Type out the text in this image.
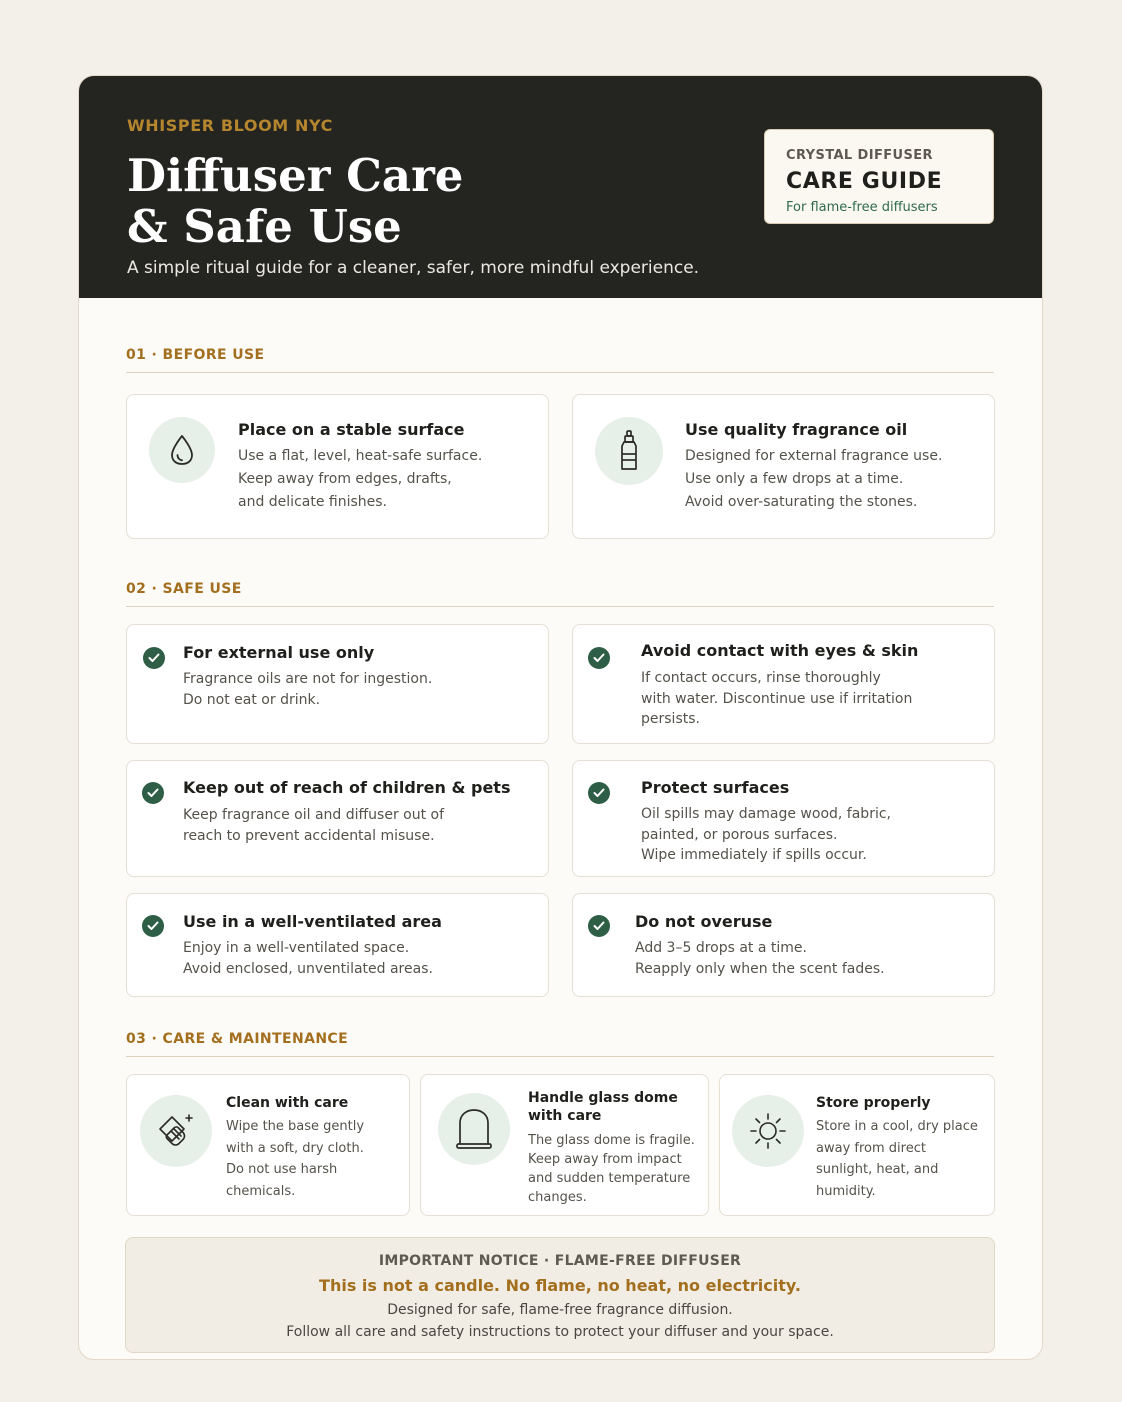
WHISPER BLOOM NYC
Diffuser Care
& Safe Use
A simple ritual guide for a cleaner, safer, more mindful experience.
CRYSTAL DIFFUSER
CARE GUIDE
For flame-free diffusers
01 · BEFORE USE
Place on a stable surface
Use a flat, level, heat-safe surface.
Keep away from edges, drafts,
and delicate finishes.
Use quality fragrance oil
Designed for external fragrance use.
Use only a few drops at a time.
Avoid over-saturating the stones.
02 · SAFE USE
For external use only
Fragrance oils are not for ingestion.
Do not eat or drink.
Avoid contact with eyes & skin
If contact occurs, rinse thoroughly
with water. Discontinue use if irritation
persists.
Keep out of reach of children & pets
Keep fragrance oil and diffuser out of
reach to prevent accidental misuse.
Protect surfaces
Oil spills may damage wood, fabric,
painted, or porous surfaces.
Wipe immediately if spills occur.
Use in a well-ventilated area
Enjoy in a well-ventilated space.
Avoid enclosed, unventilated areas.
Do not overuse
Add 3–5 drops at a time.
Reapply only when the scent fades.
03 · CARE & MAINTENANCE
Clean with care
Wipe the base gently
with a soft, dry cloth.
Do not use harsh
chemicals.
Handle glass dome
with care
The glass dome is fragile.
Keep away from impact
and sudden temperature
changes.
Store properly
Store in a cool, dry place
away from direct
sunlight, heat, and
humidity.
IMPORTANT NOTICE · FLAME-FREE DIFFUSER
This is not a candle. No flame, no heat, no electricity.
Designed for safe, flame-free fragrance diffusion.
Follow all care and safety instructions to protect your diffuser and your space.
